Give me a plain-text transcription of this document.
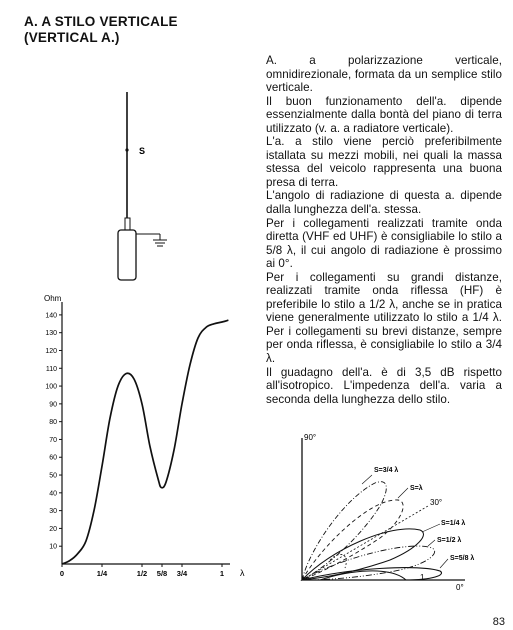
A. A STILO VERTICALE
(VERTICAL A.)
S
10
20
30
40
50
60
70
80
90
100
110
120
130
140
0	1/4	1/2 5/8 3/4	1
Ohm
λ

A. a polarizzazione verticale, omnidirezionale, formata da un semplice stilo verticale.

Il buon funzionamento dell'a. dipende essenzialmente dalla bontà del piano di terra utilizzato (v. a. a radiatore verticale).

L'a. a stilo viene perciò preferibilmente istallata su mezzi mobili, nei quali la massa stessa del veicolo rappresenta una buona presa di terra.

L'angolo di radiazione di questa a. dipende dalla lunghezza dell'a. stessa.

Per i collegamenti realizzati tramite onda diretta (VHF ed UHF) è consigliabile lo stilo a 5/8 λ, il cui angolo di radiazione è prossimo ai 0°.

Per i collegamenti su grandi distanze, realizzati tramite onda riflessa (HF) è preferibile lo stilo a 1/2 λ, anche se in pratica viene generalmente utilizzato lo stilo a 1/4 λ. Per i collegamenti su brevi distanze, sempre per onda riflessa, è consigliabile lo stilo a 3/4 λ.

Il guadagno dell'a. è di 3,5 dB rispetto all'isotropico. L'impedenza dell'a. varia a seconda della lunghezza dello stilo.

90°
30°
0°
1
S=3/4 λ
S=λ
S=1/4 λ
S=1/2 λ
S=5/8 λ
83
